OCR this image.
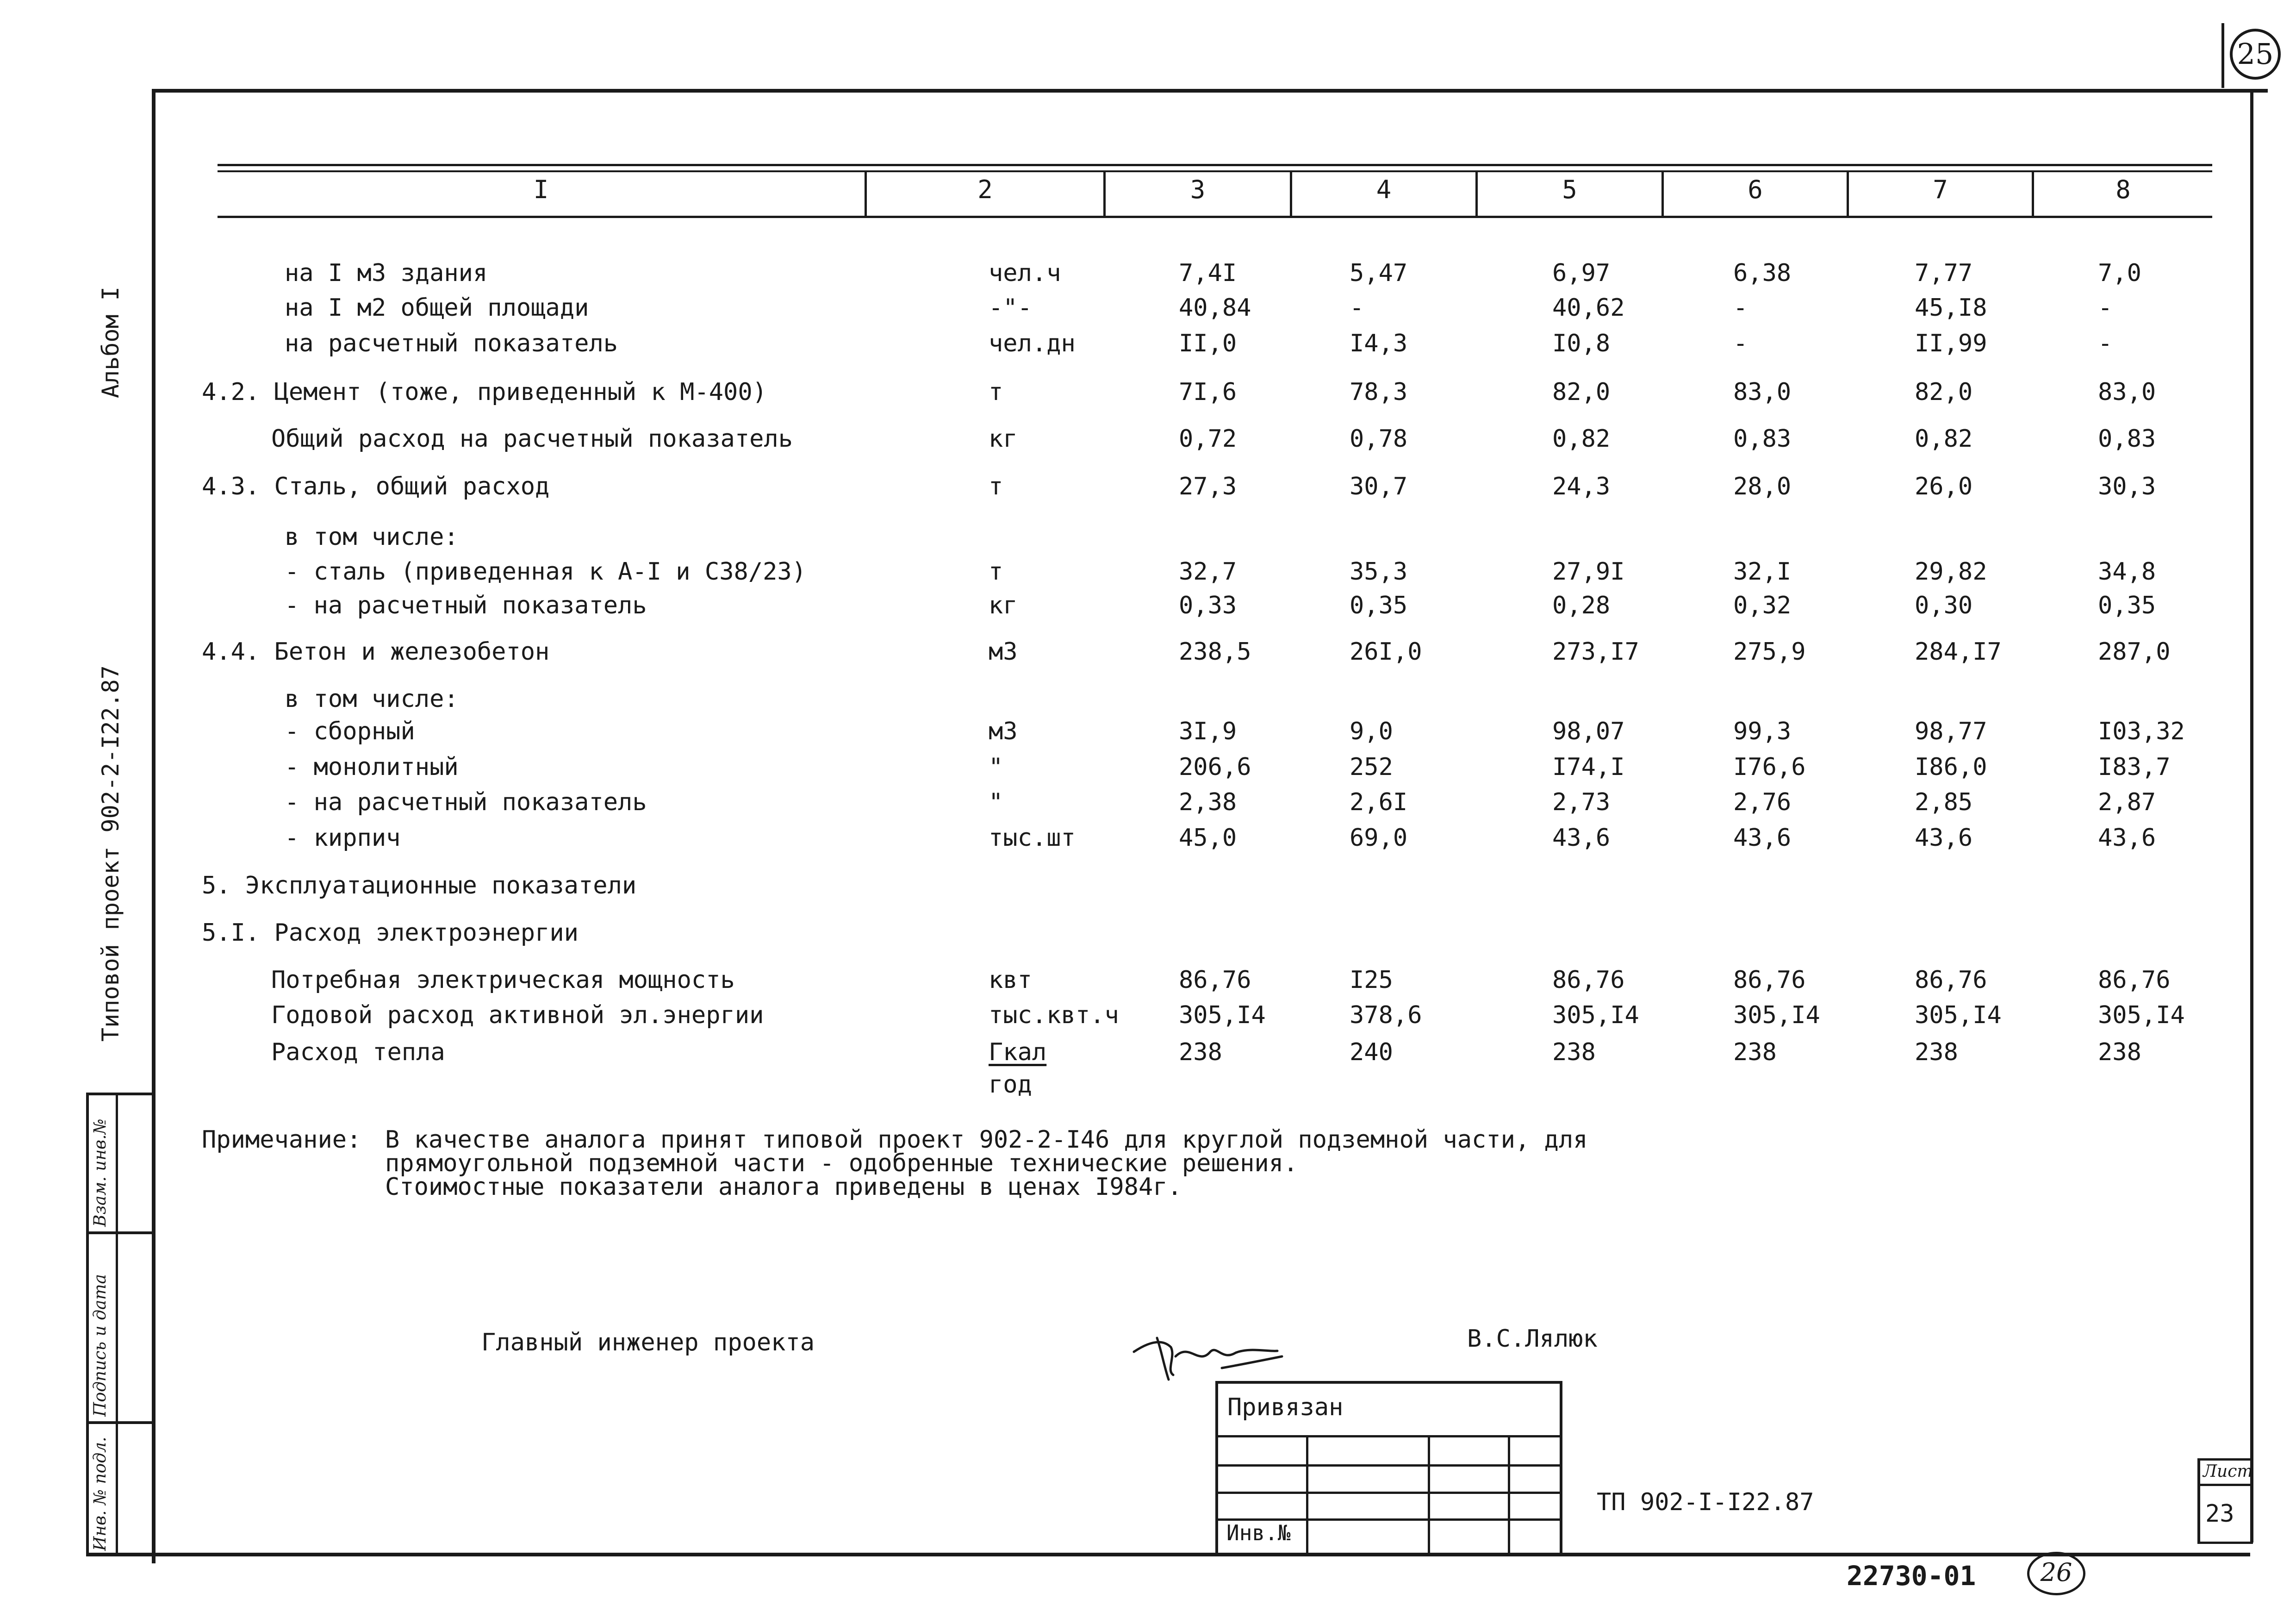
25
Взам. инв.№
Подпись и дата
Инв. № подл.
Альбом I
Типовой проект 902-2-I22.87
I	2	3	4	5	6	7	8
на I м3 здания	чел.ч	7,4I	5,47	6,97	6,38	7,77	7,0
на I м2 общей площади	-"-	40,84	-	40,62	-	45,I8	-
на расчетный показатель	чел.дн	II,0	I4,3	I0,8	-	II,99	-
4.2. Цемент (тоже, приведенный к М-400)	т	7I,6	78,3	82,0	83,0	82,0	83,0
Общий расход на расчетный показатель	кг	0,72	0,78	0,82	0,83	0,82	0,83
4.3. Сталь, общий расход	т	27,3	30,7	24,3	28,0	26,0	30,3
в том числе:
- сталь (приведенная к А-I и С38/23)	т	32,7	35,3	27,9I	32,I	29,82	34,8
- на расчетный показатель	кг	0,33	0,35	0,28	0,32	0,30	0,35
4.4. Бетон и железобетон	м3	238,5	26I,0	273,I7	275,9	284,I7	287,0
в том числе:
- сборный	м3	3I,9	9,0	98,07	99,3	98,77	I03,32
- монолитный	"	206,6	252	I74,I	I76,6	I86,0	I83,7
- на расчетный показатель	"	2,38	2,6I	2,73	2,76	2,85	2,87
- кирпич	тыс.шт	45,0	69,0	43,6	43,6	43,6	43,6
5. Эксплуатационные показатели
5.I. Расход электроэнергии
Потребная электрическая мощность	квт	86,76	I25	86,76	86,76	86,76	86,76
Годовой расход активной эл.энергии	тыс.квт.ч 305,I4	378,6	305,I4	305,I4	305,I4	305,I4
Расход тепла	Гкал
год
238	240	238	238	238	238
Примечание: В качестве аналога принят типовой проект 902-2-I46 для круглой подземной части, для
прямоугольной подземной части - одобренные технические решения.
Стоимостные показатели аналога приведены в ценах I984г.
Главный инженер проекта	В.С.Лялюк
Привязан
Инв.№
ТП 902-I-I22.87
Лист
23
22730-01	26
